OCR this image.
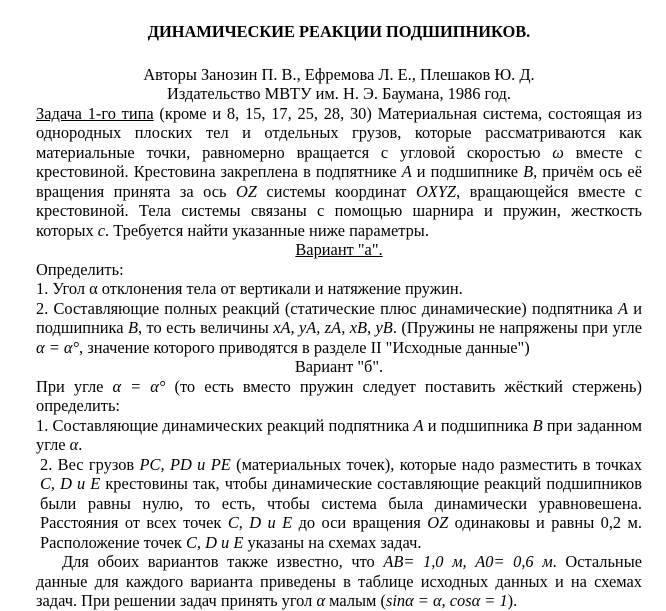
ДИНАМИЧЕСКИЕ РЕАКЦИИ ПОДШИПНИКОВ.

Авторы Занозин П. В., Ефремова Л. Е., Плешаков Ю. Д.

Издательство МВТУ им. Н. Э. Баумана, 1986 год.

Задача 1-го типа (кроме и 8, 15, 17, 25, 28, 30) Материальная система, состоящая из однородных плоских тел и отдельных грузов, которые рассматриваются как материальные точки, равномерно вращается с угловой скоростью ω вместе с крестовиной. Крестовина закреплена в подпятнике A и подшипнике B, причём ось её вращения принята за ось OZ системы координат OXYZ, вращающейся вместе с крестовиной. Тела системы связаны с помощью шарнира и пружин, жесткость которых c. Требуется найти указанные ниже параметры.

Вариант "а".

Определить:

1. Угол α отклонения тела от вертикали и натяжение пружин.

2. Составляющие полных реакций (статические плюс динамические) подпятника A и подшипника B, то есть величины xA, yA, zA, xB, yB. (Пружины не напряжены при угле α = α°, значение которого приводятся в разделе II "Исходные данные")

Вариант "б".

При угле α = α° (то есть вместо пружин следует поставить жёсткий стержень) определить:

1. Составляющие динамических реакций подпятника A и подшипника B при заданном угле α.

2. Вес грузов PC, PD и PE (материальных точек), которые надо разместить в точках C, D и E крестовины так, чтобы динамические составляющие реакций подшипников были равны нулю, то есть, чтобы система была динамически уравновешена. Расстояния от всех точек C, D и E до оси вращения OZ одинаковы и равны 0,2 м. Расположение точек C, D и E указаны на схемах задач.

Для обоих вариантов также известно, что AB= 1,0 м, A0= 0,6 м. Остальные данные для каждого варианта приведены в таблице исходных данных и на схемах задач. При решении задач принять угол α малым (sinα = α, cosα = 1).
